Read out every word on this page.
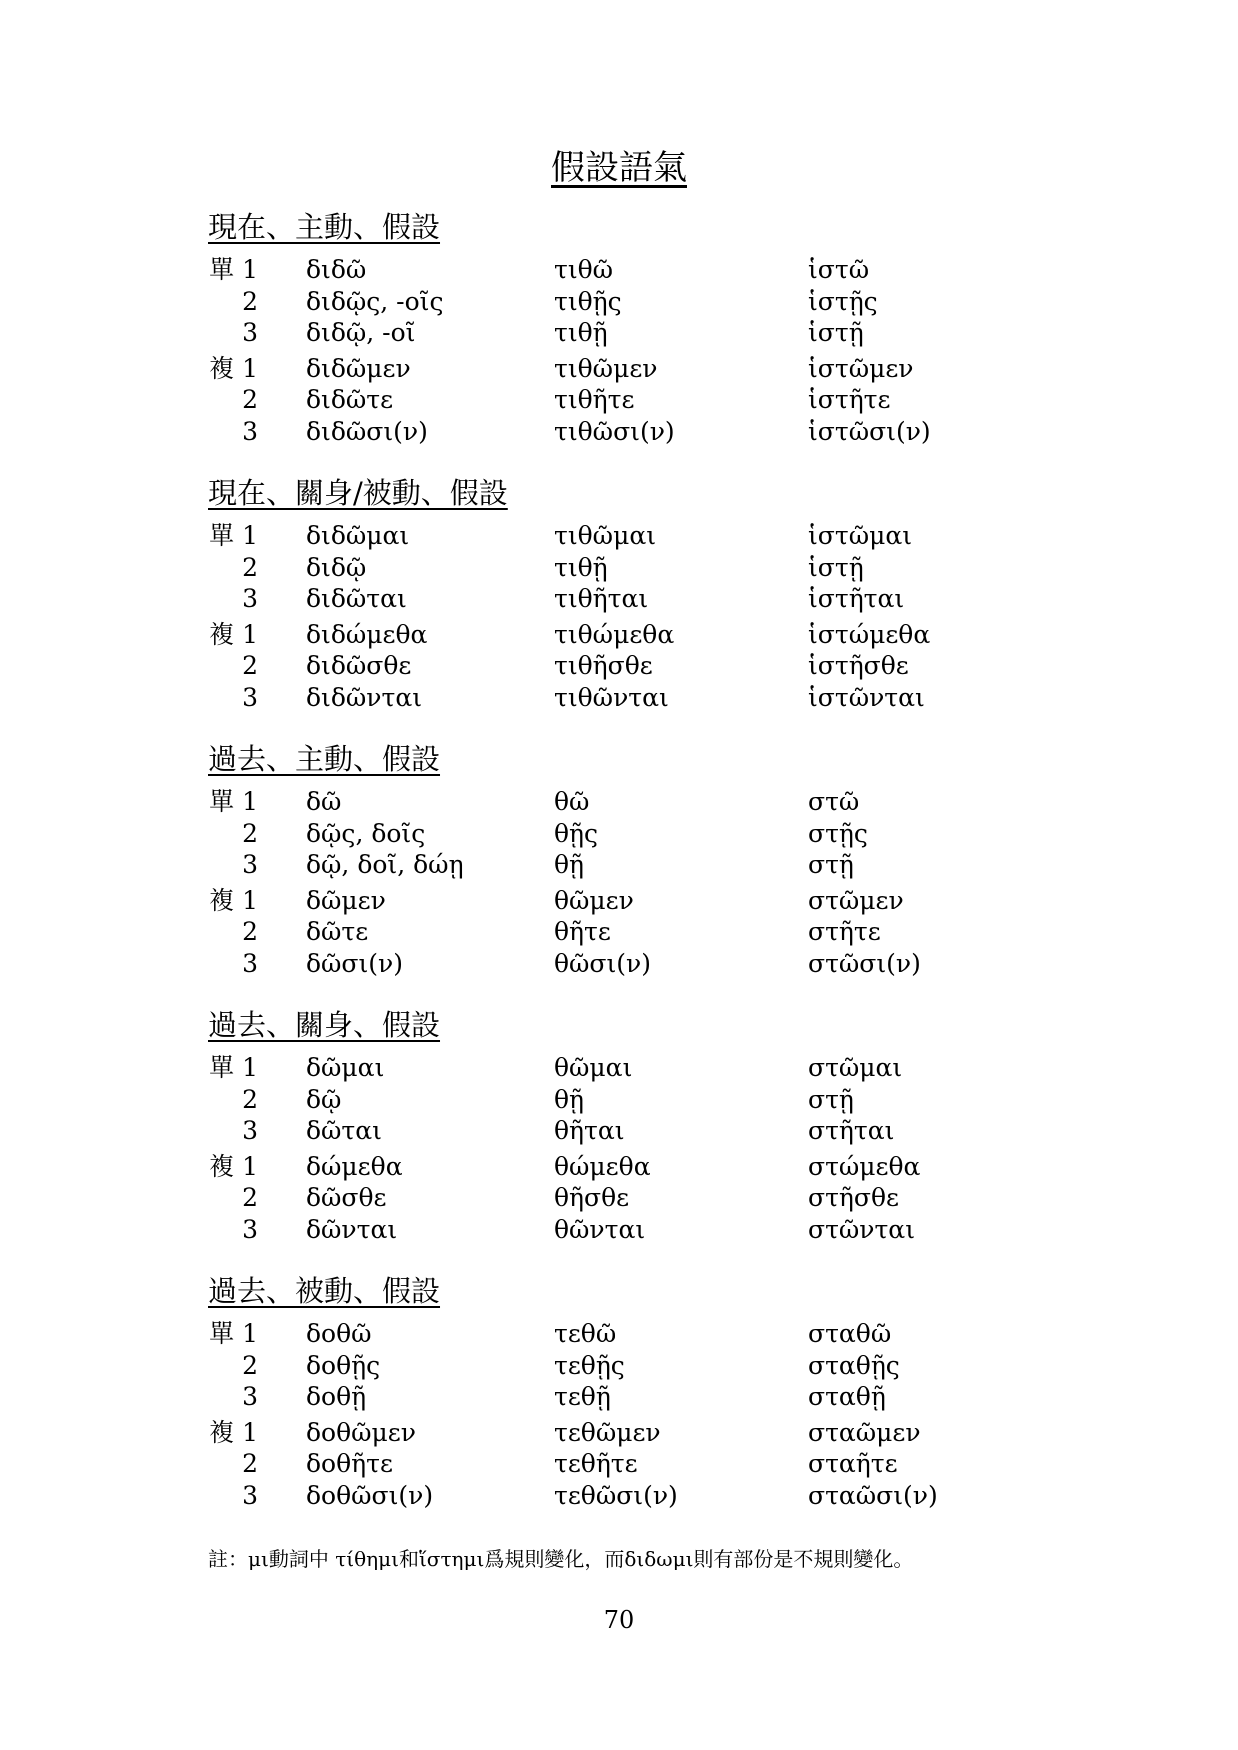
假設語氣
現在、主動、假設
單 1 διδῶ	τιθῶ	ἱστῶ
2 διδῷς, -οῖς	τιθῇς	ἱστῇς
3 διδῷ, -οῖ	τιθῇ	ἱστῇ
複 1 διδῶμεν	τιθῶμεν	ἱστῶμεν
2 διδῶτε	τιθῆτε	ἱστῆτε
3 διδῶσι(ν)	τιθῶσι(ν)	ἱστῶσι(ν)
現在、關身/被動、假設
單 1 διδῶμαι	τιθῶμαι	ἱστῶμαι
2 διδῷ	τιθῇ	ἱστῇ
3 διδῶται	τιθῆται	ἱστῆται
複 1 διδώμεθα	τιθώμεθα	ἱστώμεθα
2 διδῶσθε	τιθῆσθε	ἱστῆσθε
3 διδῶνται	τιθῶνται	ἱστῶνται
過去、主動、假設
單 1 δῶ	θῶ	στῶ
2 δῷς, δοῖς	θῇς	στῇς
3 δῷ, δοῖ, δώῃ	θῇ	στῇ
複 1 δῶμεν	θῶμεν	στῶμεν
2 δῶτε	θῆτε	στῆτε
3 δῶσι(ν)	θῶσι(ν)	στῶσι(ν)
過去、關身、假設
單 1 δῶμαι	θῶμαι	στῶμαι
2 δῷ	θῇ	στῇ
3 δῶται	θῆται	στῆται
複 1 δώμεθα	θώμεθα	στώμεθα
2 δῶσθε	θῆσθε	στῆσθε
3 δῶνται	θῶνται	στῶνται
過去、被動、假設
單 1 δοθῶ	τεθῶ	σταθῶ
2 δοθῇς	τεθῇς	σταθῇς
3 δοθῇ	τεθῇ	σταθῇ
複 1 δοθῶμεν	τεθῶμεν	σταῶμεν
2 δοθῆτε	τεθῆτε	σταῆτε
3 δοθῶσι(ν)	τεθῶσι(ν)	σταῶσι(ν)
註：μι動詞中 τίθημι和ἵστημι爲規則變化，而διδωμι則有部份是不規則變化。
70
